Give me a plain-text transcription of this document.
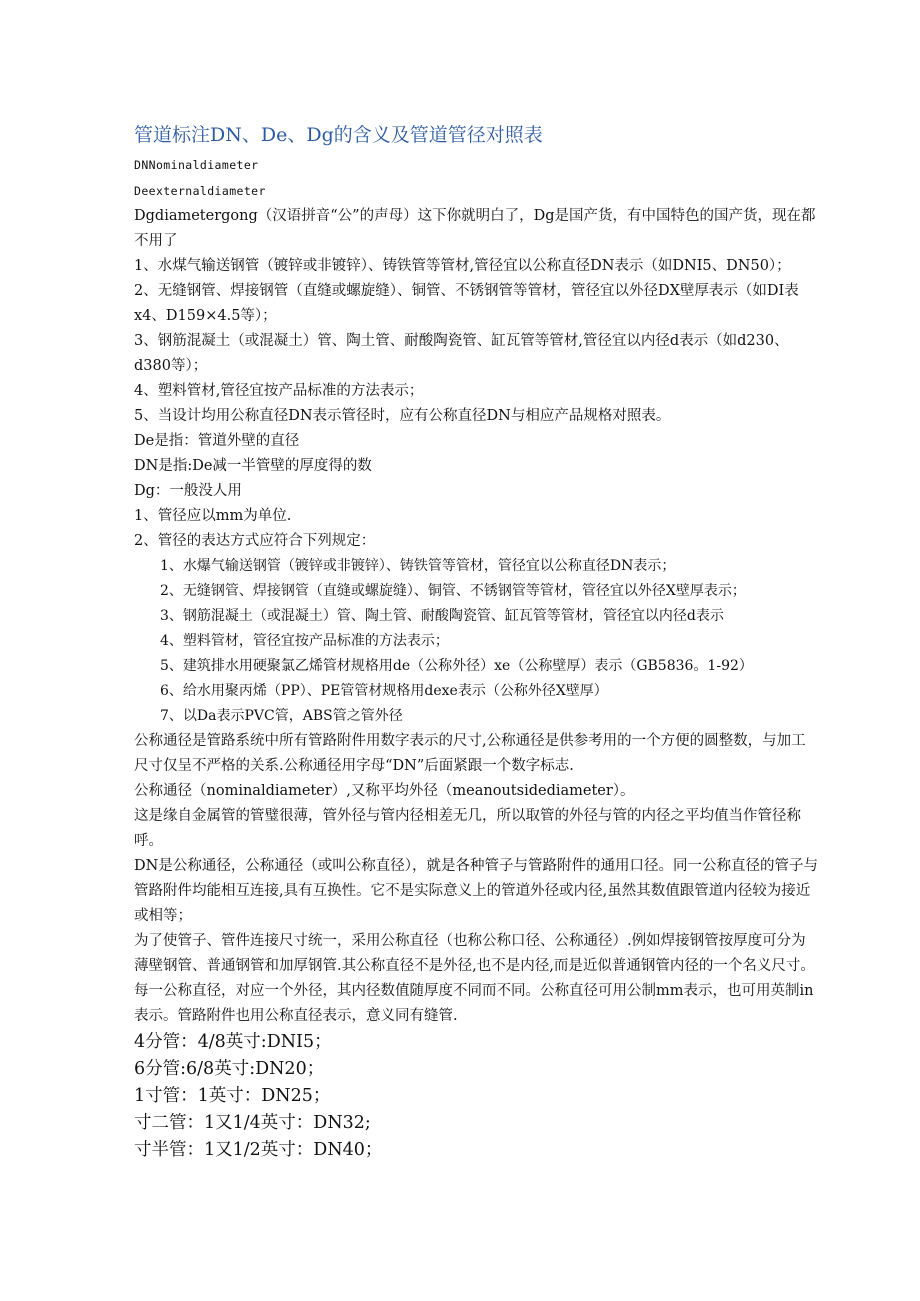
管道标注DN、De、Dg的含义及管道管径对照表

DNNominaldiameter

Deexternaldiameter

Dgdiametergong（汉语拼音“公”的声母）这下你就明白了，Dg是国产货，有中国特色的国产货，现在都不用了

1、水煤气输送钢管（镀锌或非镀锌）、铸铁管等管材,管径宜以公称直径DN表示（如DNI5、DN50）；

2、无缝钢管、焊接钢管（直缝或螺旋缝）、铜管、不锈钢管等管材，管径宜以外径DX壁厚表示（如DI表x4、D159×4.5等）；

3、钢筋混凝土（或混凝土）管、陶土管、耐酸陶瓷管、缸瓦管等管材,管径宜以内径d表示（如d230、d380等）；

4、塑料管材,管径宜按产品标准的方法表示；

5、当设计均用公称直径DN表示管径时，应有公称直径DN与相应产品规格对照表。

De是指：管道外壁的直径

DN是指:De减一半管壁的厚度得的数

Dg：一般没人用

1、管径应以mm为单位.

2、管径的表达方式应符合下列规定：

1、水爆气输送钢管（镀锌或非镀锌）、铸铁管等管材，管径宜以公称直径DN表示；

2、无缝钢管、焊接钢管（直缝或螺旋缝）、铜管、不锈钢管等管材，管径宜以外径X壁厚表示；

3、钢筋混凝土（或混凝土）管、陶土管、耐酸陶瓷管、缸瓦管等管材，管径宜以内径d表示

4、塑料管材，管径宜按产品标准的方法表示；

5、建筑排水用硬聚氯乙烯管材规格用de（公称外径）xe（公称壁厚）表示（GB5836。1-92）

6、给水用聚丙烯（PP）、PE管管材规格用dexe表示（公称外径X壁厚）

7、以Da表示PVC管，ABS管之管外径

公称通径是管路系统中所有管路附件用数字表示的尺寸,公称通径是供参考用的一个方便的圆整数，与加工尺寸仅呈不严格的关系.公称通径用字母“DN”后面紧跟一个数字标志.

公称通径（nominaldiameter）,又称平均外径（meanoutsidediameter）。

这是缘自金属管的管璧很薄，管外径与管内径相差无几，所以取管的外径与管的内径之平均值当作管径称呼。

DN是公称通径，公称通径（或叫公称直径），就是各种管子与管路附件的通用口径。同一公称直径的管子与管路附件均能相互连接,具有互换性。它不是实际意义上的管道外径或内径,虽然其数值跟管道内径较为接近或相等；

为了使管子、管件连接尺寸统一，采用公称直径（也称公称口径、公称通径）.例如焊接钢管按厚度可分为薄壁钢管、普通钢管和加厚钢管.其公称直径不是外径,也不是内径,而是近似普通钢管内径的一个名义尺寸。每一公称直径，对应一个外径，其内径数值随厚度不同而不同。公称直径可用公制mm表示，也可用英制in表示。管路附件也用公称直径表示，意义同有缝管.

4分管：4/8英寸:DNI5；

6分管:6/8英寸:DN20；

1寸管：1英寸：DN25；

寸二管：1又1/4英寸：DN32;

寸半管：1又1/2英寸：DN40；
